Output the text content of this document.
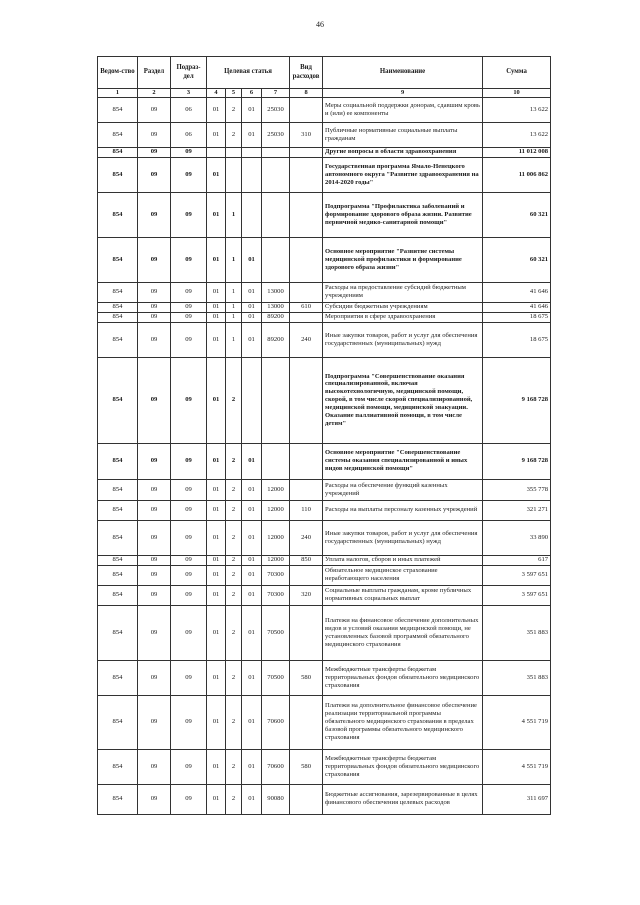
46
Ведом-ство	Раздел	Подраз-дел	Целевая статья				Вид расходов	Наименование	Сумма
1	2	3	4	5	6	7	8	9	10
854	09	06	01	2	01	25030		Меры социальной поддержки донорам, сдавшим кровь и (или) ее компоненты	13 622
854	09	06	01	2	01	25030	310	Публичные нормативные социальные выплаты гражданам	13 622
854	09	09						Другие вопросы в области здравоохранения	11 012 008
854	09	09	01					Государственная программа Ямало-Ненецкого автономного округа "Развитие здравоохранения на 2014-2020 годы"	11 006 862
854	09	09	01	1				Подпрограмма "Профилактика заболеваний и формирование здорового образа жизни. Развитие первичной медико-санитарной помощи"	60 321
854	09	09	01	1	01			Основное мероприятие "Развитие системы медицинской профилактики и формирование здорового образа жизни"	60 321
854	09	09	01	1	01	13000		Расходы на предоставление субсидий бюджетным учреждениям	41 646
854	09	09	01	1	01	13000	610	Субсидии бюджетным учреждениям	41 646
854	09	09	01	1	01	89200		Мероприятия в сфере здравоохранения	18 675
854	09	09	01	1	01	89200	240	Иные закупки товаров, работ и услуг для обеспечения государственных (муниципальных) нужд	18 675
854	09	09	01	2				Подпрограмма "Совершенствование оказания специализированной, включая высокотехнологичную, медицинской помощи, скорой, в том числе скорой специализированной, медицинской помощи, медицинской эвакуации. Оказание паллиативной помощи, в том числе детям"	9 168 728
854	09	09	01	2	01			Основное мероприятие "Совершенствование системы оказания специализированной и иных видов медицинской помощи"	9 168 728
854	09	09	01	2	01	12000		Расходы на обеспечение функций казенных учреждений	355 778
854	09	09	01	2	01	12000	110	Расходы на выплаты персоналу казенных учреждений	321 271
854	09	09	01	2	01	12000	240	Иные закупки товаров, работ и услуг для обеспечения государственных (муниципальных) нужд	33 890
854	09	09	01	2	01	12000	850	Уплата налогов, сборов и иных платежей	617
854	09	09	01	2	01	70300		Обязательное медицинское страхование неработающего населения	3 597 651
854	09	09	01	2	01	70300	320	Социальные выплаты гражданам, кроме публичных нормативных социальных выплат	3 597 651
854	09	09	01	2	01	70500		Платежи на финансовое обеспечение дополнительных видов и условий оказания медицинской помощи, не установленных базовой программой обязательного медицинского страхования	351 883
854	09	09	01	2	01	70500	580	Межбюджетные трансферты бюджетам территориальных фондов обязательного медицинского страхования	351 883
854	09	09	01	2	01	70600		Платежи на дополнительное финансовое обеспечение реализации территориальной программы обязательного медицинского страхования в пределах базовой программы обязательного медицинского страхования	4 551 719
854	09	09	01	2	01	70600	580	Межбюджетные трансферты бюджетам территориальных фондов обязательного медицинского страхования	4 551 719
854	09	09	01	2	01	90080		Бюджетные ассигнования, зарезервированные в целях финансового обеспечения целевых расходов	311 697
